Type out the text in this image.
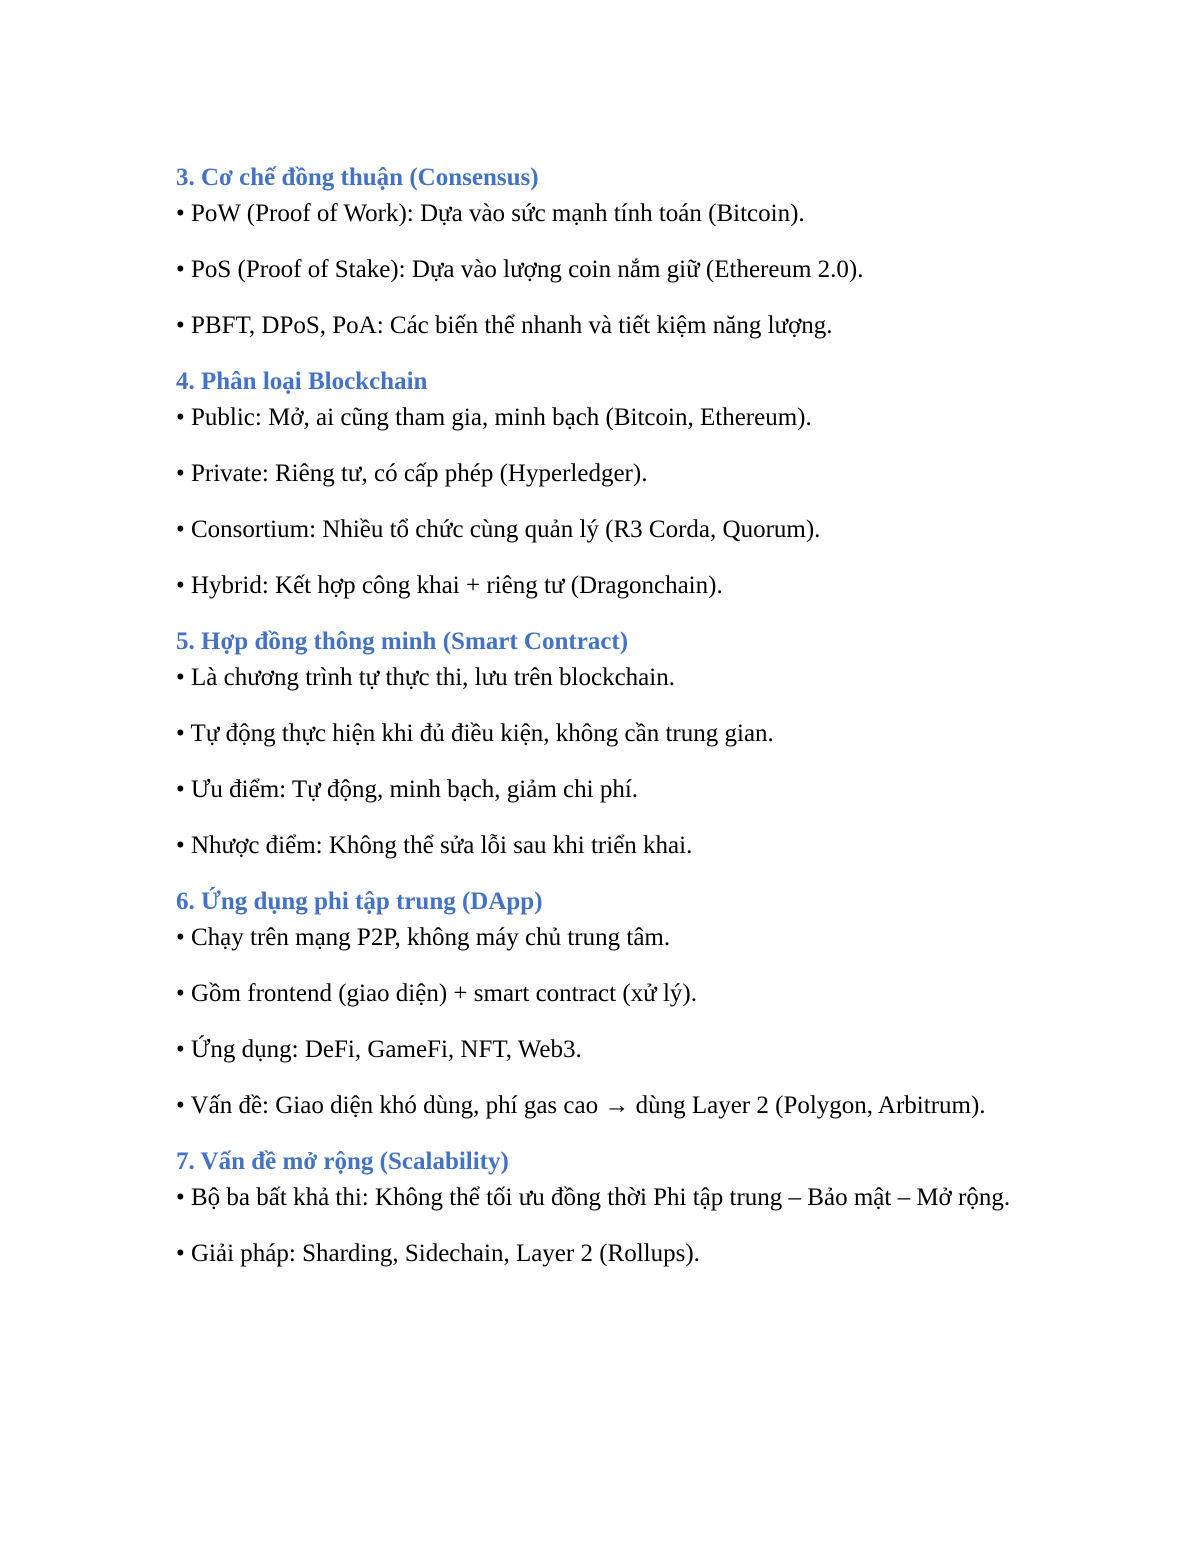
3. Cơ chế đồng thuận (Consensus)

• PoW (Proof of Work): Dựa vào sức mạnh tính toán (Bitcoin).

• PoS (Proof of Stake): Dựa vào lượng coin nắm giữ (Ethereum 2.0).

• PBFT, DPoS, PoA: Các biến thể nhanh và tiết kiệm năng lượng.

4. Phân loại Blockchain

• Public: Mở, ai cũng tham gia, minh bạch (Bitcoin, Ethereum).

• Private: Riêng tư, có cấp phép (Hyperledger).

• Consortium: Nhiều tổ chức cùng quản lý (R3 Corda, Quorum).

• Hybrid: Kết hợp công khai + riêng tư (Dragonchain).

5. Hợp đồng thông minh (Smart Contract)

• Là chương trình tự thực thi, lưu trên blockchain.

• Tự động thực hiện khi đủ điều kiện, không cần trung gian.

• Ưu điểm: Tự động, minh bạch, giảm chi phí.

• Nhược điểm: Không thể sửa lỗi sau khi triển khai.

6. Ứng dụng phi tập trung (DApp)

• Chạy trên mạng P2P, không máy chủ trung tâm.

• Gồm frontend (giao diện) + smart contract (xử lý).

• Ứng dụng: DeFi, GameFi, NFT, Web3.

• Vấn đề: Giao diện khó dùng, phí gas cao → dùng Layer 2 (Polygon, Arbitrum).

7. Vấn đề mở rộng (Scalability)

• Bộ ba bất khả thi: Không thể tối ưu đồng thời Phi tập trung – Bảo mật – Mở rộng.

• Giải pháp: Sharding, Sidechain, Layer 2 (Rollups).
